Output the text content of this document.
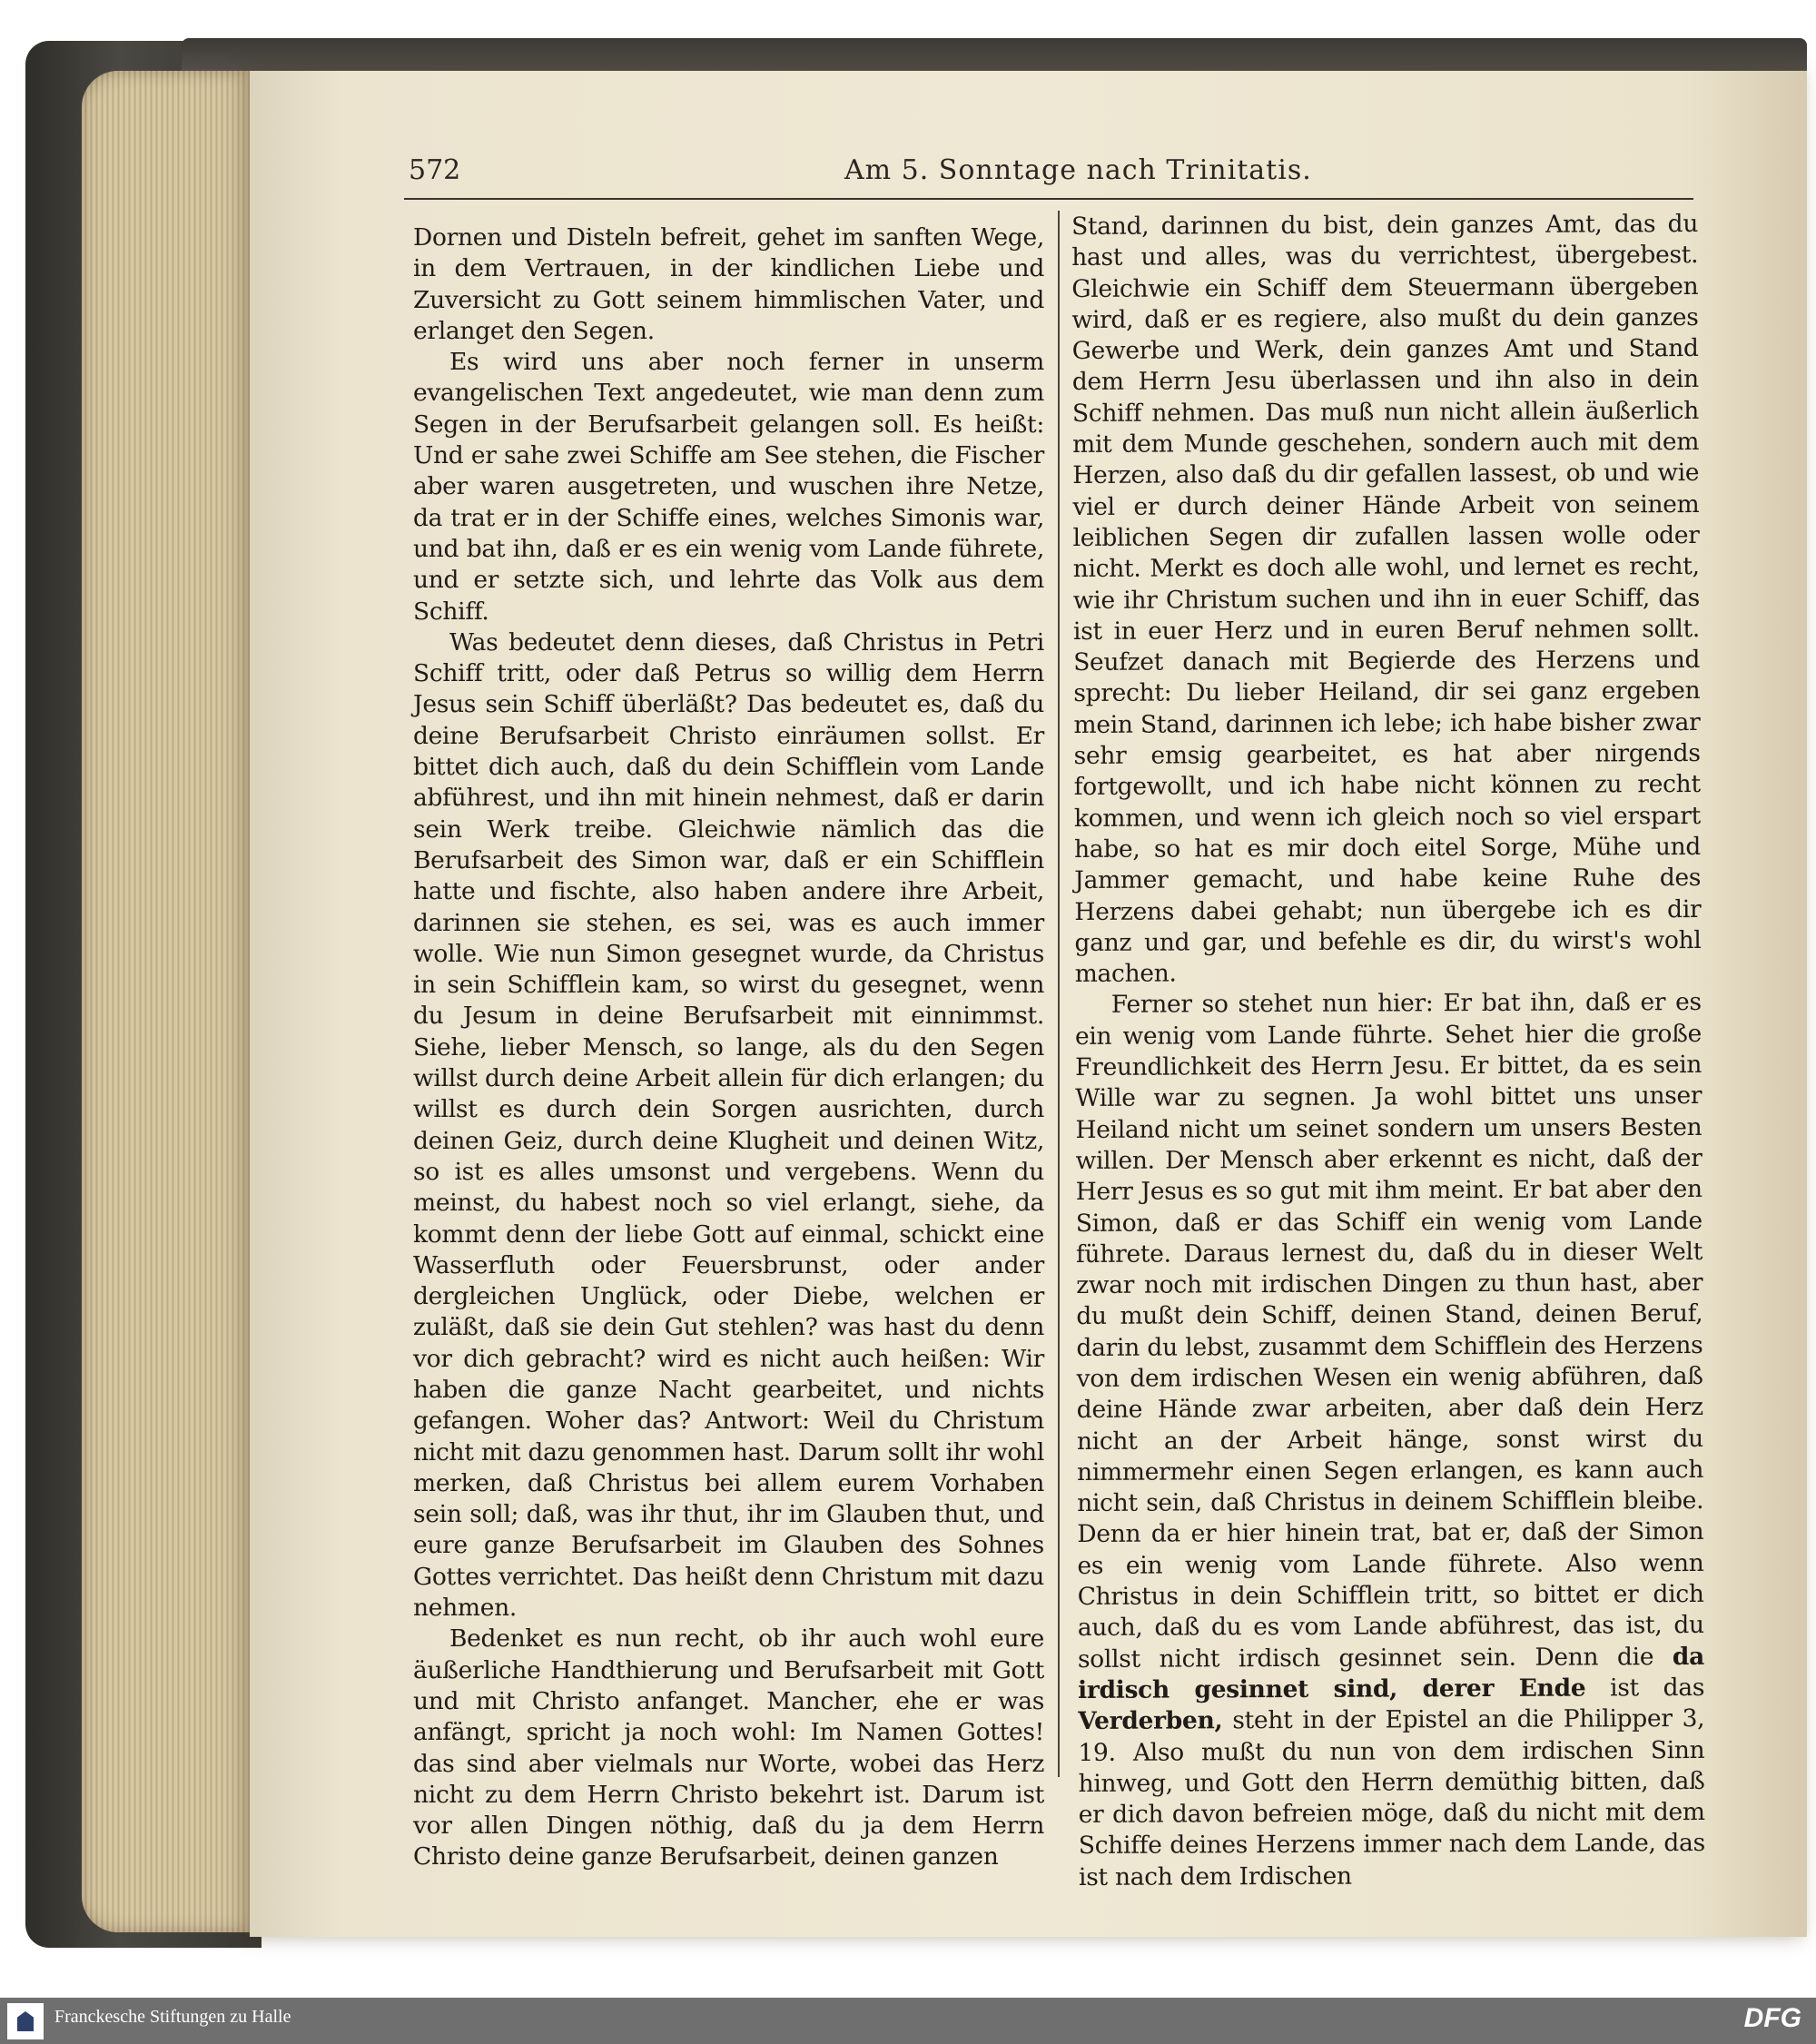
572	Am 5. Sonntage nach Trinitatis.

Dornen und Disteln befreit, gehet im sanften Wege, in dem Vertrauen, in der kindlichen Liebe und Zuversicht zu Gott seinem himmlischen Vater, und erlanget den Segen.

Es wird uns aber noch ferner in unserm evangelischen Text angedeutet, wie man denn zum Segen in der Berufsarbeit gelangen soll. Es heißt: Und er sahe zwei Schiffe am See stehen, die Fischer aber waren ausgetreten, und wuschen ihre Netze, da trat er in der Schiffe eines, welches Simonis war, und bat ihn, daß er es ein wenig vom Lande führete, und er setzte sich, und lehrte das Volk aus dem Schiff.

Was bedeutet denn dieses, daß Christus in Petri Schiff tritt, oder daß Petrus so willig dem Herrn Jesus sein Schiff überläßt? Das bedeutet es, daß du deine Berufsarbeit Christo einräumen sollst. Er bittet dich auch, daß du dein Schifflein vom Lande abführest, und ihn mit hinein nehmest, daß er darin sein Werk treibe. Gleichwie nämlich das die Berufsarbeit des Simon war, daß er ein Schifflein hatte und fischte, also haben andere ihre Arbeit, darinnen sie stehen, es sei, was es auch immer wolle. Wie nun Simon gesegnet wurde, da Christus in sein Schifflein kam, so wirst du gesegnet, wenn du Jesum in deine Berufsarbeit mit einnimmst. Siehe, lieber Mensch, so lange, als du den Segen willst durch deine Arbeit allein für dich erlangen; du willst es durch dein Sorgen ausrichten, durch deinen Geiz, durch deine Klugheit und deinen Witz, so ist es alles umsonst und vergebens. Wenn du meinst, du habest noch so viel erlangt, siehe, da kommt denn der liebe Gott auf einmal, schickt eine Wasserfluth oder Feuersbrunst, oder ander dergleichen Unglück, oder Diebe, welchen er zuläßt, daß sie dein Gut stehlen? was hast du denn vor dich gebracht? wird es nicht auch heißen: Wir haben die ganze Nacht gearbeitet, und nichts gefangen. Woher das? Antwort: Weil du Christum nicht mit dazu genommen hast. Darum sollt ihr wohl merken, daß Christus bei allem eurem Vorhaben sein soll; daß, was ihr thut, ihr im Glauben thut, und eure ganze Berufsarbeit im Glauben des Sohnes Gottes verrichtet. Das heißt denn Christum mit dazu nehmen.

Bedenket es nun recht, ob ihr auch wohl eure äußerliche Handthierung und Berufsarbeit mit Gott und mit Christo anfanget. Mancher, ehe er was anfängt, spricht ja noch wohl: Im Namen Gottes! das sind aber vielmals nur Worte, wobei das Herz nicht zu dem Herrn Christo bekehrt ist. Darum ist vor allen Dingen nöthig, daß du ja dem Herrn Christo deine ganze Berufsarbeit, deinen ganzen

Stand, darinnen du bist, dein ganzes Amt, das du hast und alles, was du verrichtest, übergebest. Gleichwie ein Schiff dem Steuermann übergeben wird, daß er es regiere, also mußt du dein ganzes Gewerbe und Werk, dein ganzes Amt und Stand dem Herrn Jesu überlassen und ihn also in dein Schiff nehmen. Das muß nun nicht allein äußerlich mit dem Munde geschehen, sondern auch mit dem Herzen, also daß du dir gefallen lassest, ob und wie viel er durch deiner Hände Arbeit von seinem leiblichen Segen dir zufallen lassen wolle oder nicht. Merkt es doch alle wohl, und lernet es recht, wie ihr Christum suchen und ihn in euer Schiff, das ist in euer Herz und in euren Beruf nehmen sollt. Seufzet danach mit Begierde des Herzens und sprecht: Du lieber Heiland, dir sei ganz ergeben mein Stand, darinnen ich lebe; ich habe bisher zwar sehr emsig gearbeitet, es hat aber nirgends fortgewollt, und ich habe nicht können zu recht kommen, und wenn ich gleich noch so viel erspart habe, so hat es mir doch eitel Sorge, Mühe und Jammer gemacht, und habe keine Ruhe des Herzens dabei gehabt; nun übergebe ich es dir ganz und gar, und befehle es dir, du wirst's wohl machen.

Ferner so stehet nun hier: Er bat ihn, daß er es ein wenig vom Lande führte. Sehet hier die große Freundlichkeit des Herrn Jesu. Er bittet, da es sein Wille war zu segnen. Ja wohl bittet uns unser Heiland nicht um seinet sondern um unsers Besten willen. Der Mensch aber erkennt es nicht, daß der Herr Jesus es so gut mit ihm meint. Er bat aber den Simon, daß er das Schiff ein wenig vom Lande führete. Daraus lernest du, daß du in dieser Welt zwar noch mit irdischen Dingen zu thun hast, aber du mußt dein Schiff, deinen Stand, deinen Beruf, darin du lebst, zusammt dem Schifflein des Herzens von dem irdischen Wesen ein wenig abführen, daß deine Hände zwar arbeiten, aber daß dein Herz nicht an der Arbeit hänge, sonst wirst du nimmermehr einen Segen erlangen, es kann auch nicht sein, daß Christus in deinem Schifflein bleibe. Denn da er hier hinein trat, bat er, daß der Simon es ein wenig vom Lande führete. Also wenn Christus in dein Schifflein tritt, so bittet er dich auch, daß du es vom Lande abführest, das ist, du sollst nicht irdisch gesinnet sein. Denn die da irdisch gesinnet sind, derer Ende ist das Verderben, steht in der Epistel an die Philipper 3, 19. Also mußt du nun von dem irdischen Sinn hinweg, und Gott den Herrn demüthig bitten, daß er dich davon befreien möge, daß du nicht mit dem Schiffe deines Herzens immer nach dem Lande, das ist nach dem Irdischen

Franckesche Stiftungen zu Halle	DFG
